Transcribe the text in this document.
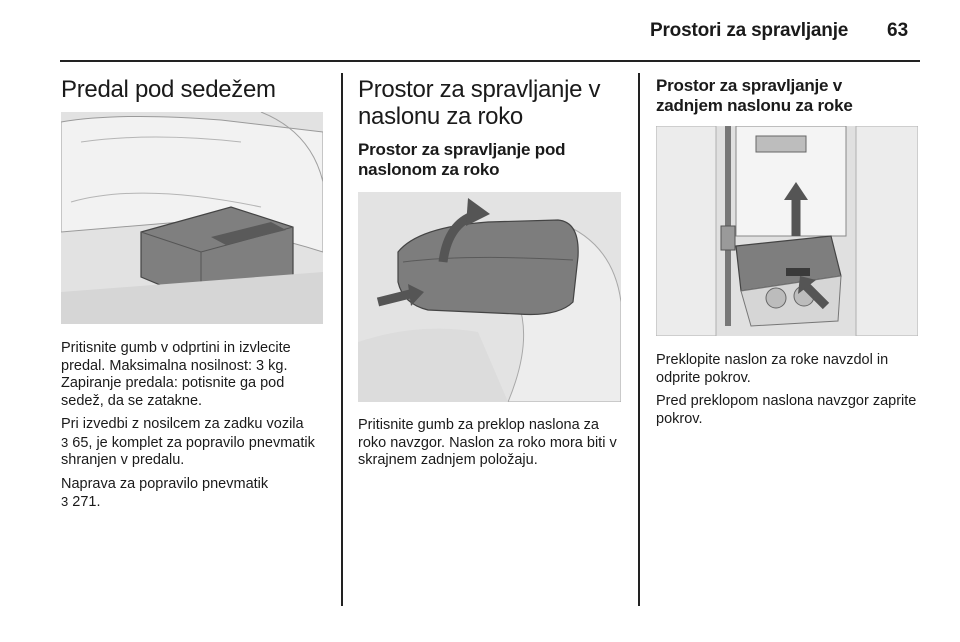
Prostori za spravljanje 63
Predal pod sedežem

Pritisnite gumb v odprtini in izvlecite predal. Maksimalna nosilnost: 3 kg. Zapiranje predala: potisnite ga pod sedež, da se zatakne.

Pri izvedbi z nosilcem za zadku vozila
3 65, je komplet za popravilo pnevmatik shranjen v predalu.

Naprava za popravilo pnevmatik
3 271.

Prostor za spravljanje v naslonu za roko
Prostor za spravljanje pod naslonom za roko

Pritisnite gumb za preklop naslona za roko navzgor. Naslon za roko mora biti v skrajnem zadnjem položaju.

Prostor za spravljanje v zadnjem naslonu za roke

Preklopite naslon za roke navzdol in odprite pokrov.

Pred preklopom naslona navzgor zaprite pokrov.
